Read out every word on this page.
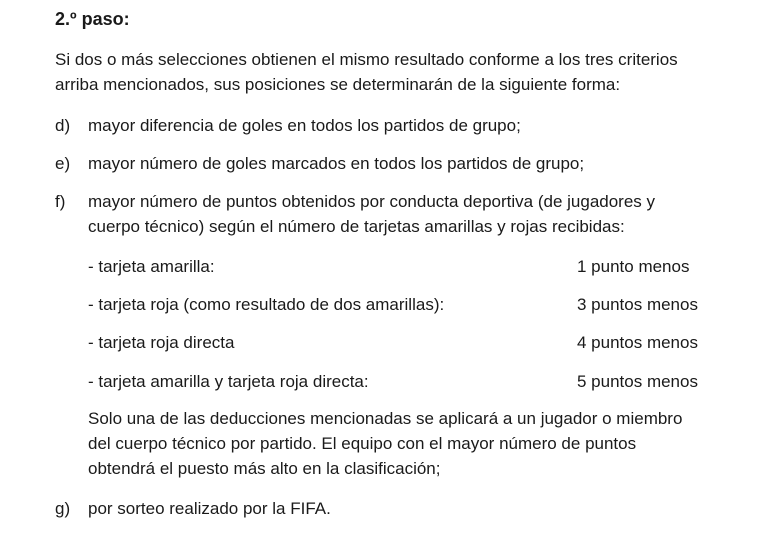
2.º paso:

Si dos o más selecciones obtienen el mismo resultado conforme a los tres criterios
arriba mencionados, sus posiciones se determinarán de la siguiente forma:

d) mayor diferencia de goles en todos los partidos de grupo;
e) mayor número de goles marcados en todos los partidos de grupo;
f) mayor número de puntos obtenidos por conducta deportiva (de jugadores y
cuerpo técnico) según el número de tarjetas amarillas y rojas recibidas:
- tarjeta amarilla:	1 punto menos
- tarjeta roja (como resultado de dos amarillas):	3 puntos menos
- tarjeta roja directa	4 puntos menos
- tarjeta amarilla y tarjeta roja directa:	5 puntos menos
Solo una de las deducciones mencionadas se aplicará a un jugador o miembro
del cuerpo técnico por partido. El equipo con el mayor número de puntos
obtendrá el puesto más alto en la clasificación;
g) por sorteo realizado por la FIFA.
